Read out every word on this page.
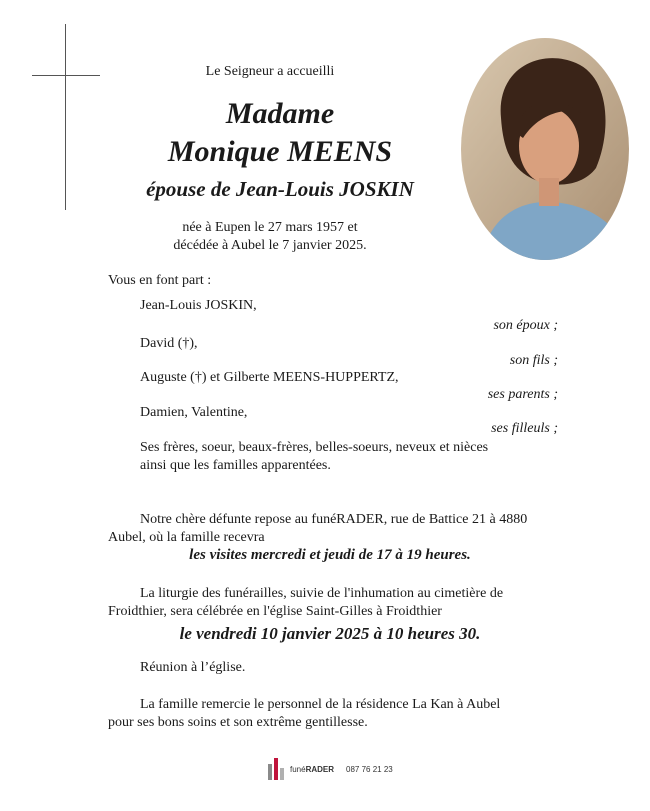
Le Seigneur a accueilli
Madame
Monique MEENS
épouse de Jean-Louis JOSKIN
née à Eupen le 27 mars 1957 et
décédée à Aubel le 7 janvier 2025.
Vous en font part :
Jean-Louis JOSKIN,
son époux ;
David (†),
son fils ;
Auguste (†) et Gilberte MEENS-HUPPERTZ,
ses parents ;
Damien, Valentine,
ses filleuls ;
Ses frères, soeur, beaux-frères, belles-soeurs, neveux et nièces
ainsi que les familles apparentées.
Notre chère défunte repose au funéRADER, rue de Battice 21 à 4880
Aubel, où la famille recevra
les visites mercredi et jeudi de 17 à 19 heures.
La liturgie des funérailles, suivie de l'inhumation au cimetière de
Froidthier, sera célébrée en l'église Saint-Gilles à Froidthier
le vendredi 10 janvier 2025 à 10 heures 30.
Réunion à l’église.
La famille remercie le personnel de la résidence La Kan à Aubel
pour ses bons soins et son extrême gentillesse.
funéRADER 087 76 21 23
